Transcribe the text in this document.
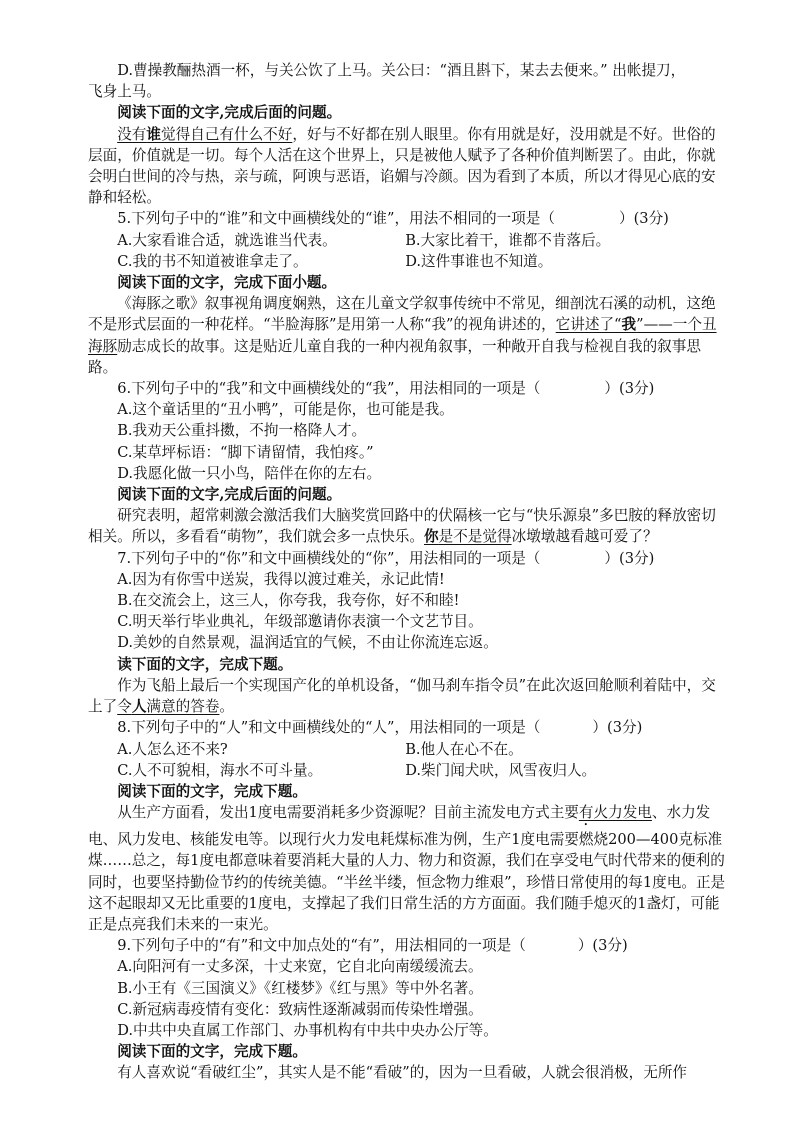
D.曹操教酾热酒一杯，与关公饮了上马。关公曰：“酒且斟下，某去去便来。” 出帐提刀，

飞身上马。

阅读下面的文字,完成后面的问题。

没有谁觉得自己有什么不好，好与不好都在别人眼里。你有用就是好，没用就是不好。世俗的层面，价值就是一切。每个人活在这个世界上，只是被他人赋予了各种价值判断罢了。由此，你就会明白世间的冷与热，亲与疏，阿谀与恶语，谄媚与冷颜。因为看到了本质，所以才得见心底的安静和轻松。

5.下列句子中的“谁”和文中画横线处的“谁”，用法不相同的一项是（	）(3分)

A.大家看谁合适，就选谁当代表。	B.大家比着干，谁都不肯落后。
C.我的书不知道被谁拿走了。	D.这件事谁也不知道。

阅读下面的文字，完成下面小题。

《海豚之歌》叙事视角调度娴熟，这在儿童文学叙事传统中不常见，细剖沈石溪的动机，这绝不是形式层面的一种花样。“半脸海豚”是用第一人称“我”的视角讲述的，它讲述了“我”——一个丑海豚励志成长的故事。这是贴近儿童自我的一种内视角叙事，一种敞开自我与检视自我的叙事思路。

6.下列句子中的“我”和文中画横线处的“我”，用法相同的一项是（	）(3分)

A.这个童话里的“丑小鸭”，可能是你，也可能是我。

B.我劝天公重抖擞，不拘一格降人才。

C.某草坪标语：“脚下请留情，我怕疼。”

D.我愿化做一只小鸟，陪伴在你的左右。

阅读下面的文字,完成后面的问题。

研究表明，超常刺激会激活我们大脑奖赏回路中的伏隔核一它与“快乐源泉”多巴胺的释放密切相关。所以，多看看“萌物”，我们就会多一点快乐。你是不是觉得冰墩墩越看越可爱了？

7.下列句子中的“你”和文中画横线处的“你”，用法相同的一项是（	）(3分)

A.因为有你雪中送炭，我得以渡过难关，永记此情!

B.在交流会上，这三人，你夸我，我夸你，好不和睦!

C.明天举行毕业典礼，年级部邀请你表演一个文艺节目。

D.美妙的自然景观，温润适宜的气候，不由让你流连忘返。

读下面的文字，完成下题。

作为飞船上最后一个实现国产化的单机设备，“伽马刹车指令员”在此次返回舱顺利着陆中，交上了令人满意的答卷。

8.下列句子中的“人”和文中画横线处的“人”，用法相同的一项是（	）(3分)

A.人怎么还不来?	B.他人在心不在。
C.人不可貌相，海水不可斗量。	D.柴门闻犬吠，风雪夜归人。

阅读下面的文字，完成下题。

从生产方面看，发出1度电需要消耗多少资源呢？目前主流发电方式主要有火力发电、水力发电、风力发电、核能发电等。以现行火力发电耗煤标准为例，生产1度电需要燃烧200—400克标准煤……总之，每1度电都意味着要消耗大量的人力、物力和资源，我们在享受电气时代带来的便利的同时，也要坚持勤俭节约的传统美德。“半丝半缕，恒念物力维艰”，珍惜日常使用的每1度电。正是这不起眼却又无比重要的1度电，支撑起了我们日常生活的方方面面。我们随手熄灭的1盏灯，可能正是点亮我们未来的一束光。

9.下列句子中的“有”和文中加点处的“有”，用法相同的一项是（	）(3分)

A.向阳河有一丈多深，十丈来宽，它自北向南缓缓流去。

B.小王有《三国演义》《红楼梦》《红与黑》等中外名著。

C.新冠病毒疫情有变化：致病性逐渐减弱而传染性增强。

D.中共中央直属工作部门、办事机构有中共中央办公厅等。

阅读下面的文字，完成下题。

有人喜欢说“看破红尘”，其实人是不能“看破”的，因为一旦看破，人就会很消极，无所作
